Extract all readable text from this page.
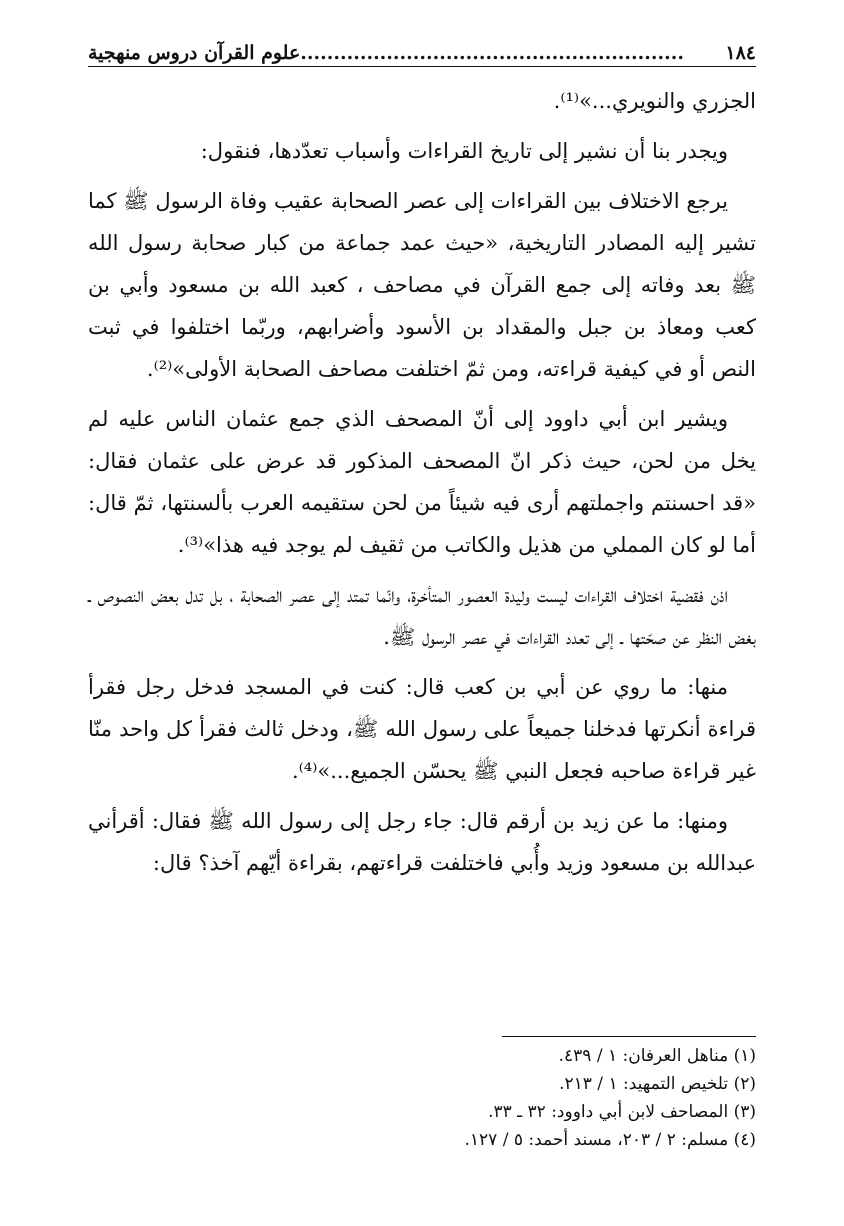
١٨٤
..........................................................علوم القرآن دروس منهجية

الجزري والنويري...»⁽¹⁾.

ويجدر بنا أن نشير إلى تاريخ القراءات وأسباب تعدّدها، فنقول:

يرجع الاختلاف بين القراءات إلى عصر الصحابة عقيب وفاة الرسول ﷺ كما تشير إليه المصادر التاريخية، «حيث عمد جماعة من كبار صحابة رسول الله ﷺ بعد وفاته إلى جمع القرآن في مصاحف ، كعبد الله بن مسعود وأبي بن كعب ومعاذ بن جبل والمقداد بن الأسود وأضرابهم، وربّما اختلفوا في ثبت النص أو في كيفية قراءته، ومن ثمّ اختلفت مصاحف الصحابة الأولى»⁽²⁾.

ويشير ابن أبي داوود إلى أنّ المصحف الذي جمع عثمان الناس عليه لم يخل من لحن، حيث ذكر انّ المصحف المذكور قد عرض على عثمان فقال: «قد احسنتم واجملتهم أرى فيه شيئاً من لحن ستقيمه العرب بألسنتها، ثمّ قال: أما لو كان المملي من هذيل والكاتب من ثقيف لم يوجد فيه هذا»⁽³⁾.

اذن فقضية اختلاف القراءات ليست وليدة العصور المتأخرة، وانّما تمتد إلى عصر الصحابة ، بل تدل بعض النصوص ـ بغض النظر عن صحّتها ـ إلى تعدد القراءات في عصر الرسول ﷺ.

منها: ما روي عن أبي بن كعب قال: كنت في المسجد فدخل رجل فقرأ قراءة أنكرتها فدخلنا جميعاً على رسول الله ﷺ، ودخل ثالث فقرأ كل واحد منّا غير قراءة صاحبه فجعل النبي ﷺ يحسّن الجميع...»⁽⁴⁾.

ومنها: ما عن زيد بن أرقم قال: جاء رجل إلى رسول الله ﷺ فقال: أقرأني عبدالله بن مسعود وزيد وأُبي فاختلفت قراءتهم، بقراءة أيّهم آخذ؟ قال:

(١) مناهل العرفان: ١ / ٤٣٩.

(٢) تلخيص التمهيد: ١ / ٢١٣.

(٣) المصاحف لابن أبي داوود: ٣٢ ـ ٣٣.

(٤) مسلم: ٢ / ٢٠٣، مسند أحمد: ٥ / ١٢٧.
